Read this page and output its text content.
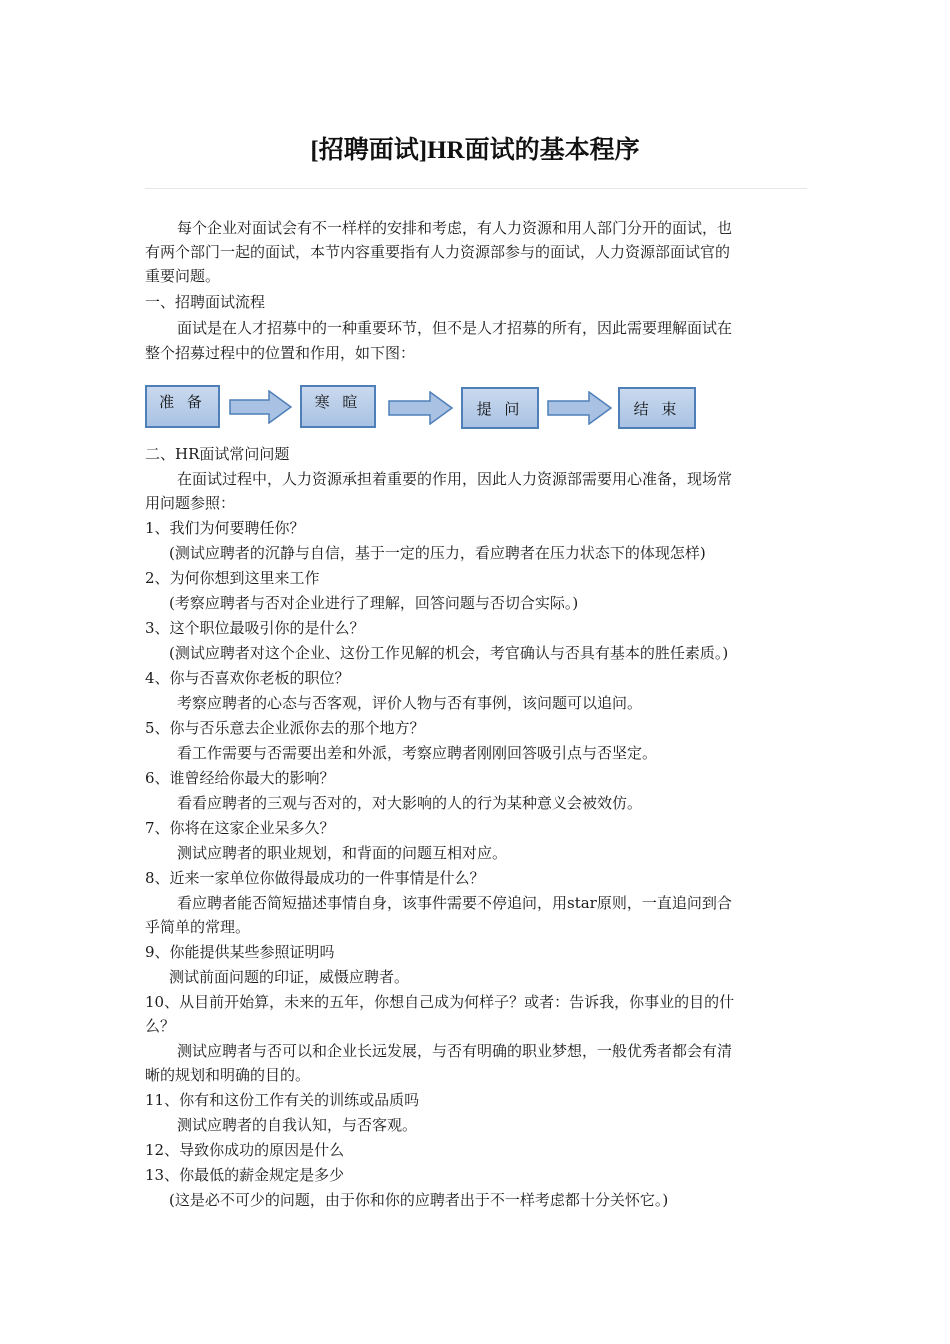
[招聘面试]HR面试的基本程序
每个企业对面试会有不一样样的安排和考虑，有人力资源和用人部门分开的面试，也
有两个部门一起的面试，本节内容重要指有人力资源部参与的面试，人力资源部面试官的
重要问题。
一、招聘面试流程
面试是在人才招募中的一种重要环节，但不是人才招募的所有，因此需要理解面试在
整个招募过程中的位置和作用，如下图：
二、HR面试常问问题
在面试过程中，人力资源承担着重要的作用，因此人力资源部需要用心准备，现场常
用问题参照：
1、我们为何要聘任你？
(测试应聘者的沉静与自信，基于一定的压力，看应聘者在压力状态下的体现怎样)
2、为何你想到这里来工作
(考察应聘者与否对企业进行了理解，回答问题与否切合实际。)
3、这个职位最吸引你的是什么？
(测试应聘者对这个企业、这份工作见解的机会，考官确认与否具有基本的胜任素质。)
4、你与否喜欢你老板的职位？
考察应聘者的心态与否客观，评价人物与否有事例，该问题可以追问。
5、你与否乐意去企业派你去的那个地方？
看工作需要与否需要出差和外派，考察应聘者刚刚回答吸引点与否坚定。
6、谁曾经给你最大的影响？
看看应聘者的三观与否对的，对大影响的人的行为某种意义会被效仿。
7、你将在这家企业呆多久？
测试应聘者的职业规划，和背面的问题互相对应。
8、近来一家单位你做得最成功的一件事情是什么？
看应聘者能否简短描述事情自身，该事件需要不停追问，用star原则，一直追问到合
乎简单的常理。
9、你能提供某些参照证明吗
测试前面问题的印证，威慑应聘者。
10、从目前开始算，未来的五年，你想自己成为何样子？或者：告诉我，你事业的目的什
么？
测试应聘者与否可以和企业长远发展，与否有明确的职业梦想，一般优秀者都会有清
晰的规划和明确的目的。
11、你有和这份工作有关的训练或品质吗
测试应聘者的自我认知，与否客观。
12、导致你成功的原因是什么
13、你最低的薪金规定是多少
(这是必不可少的问题，由于你和你的应聘者出于不一样考虑都十分关怀它。)
准 备	寒 暄	提 问	结 束
